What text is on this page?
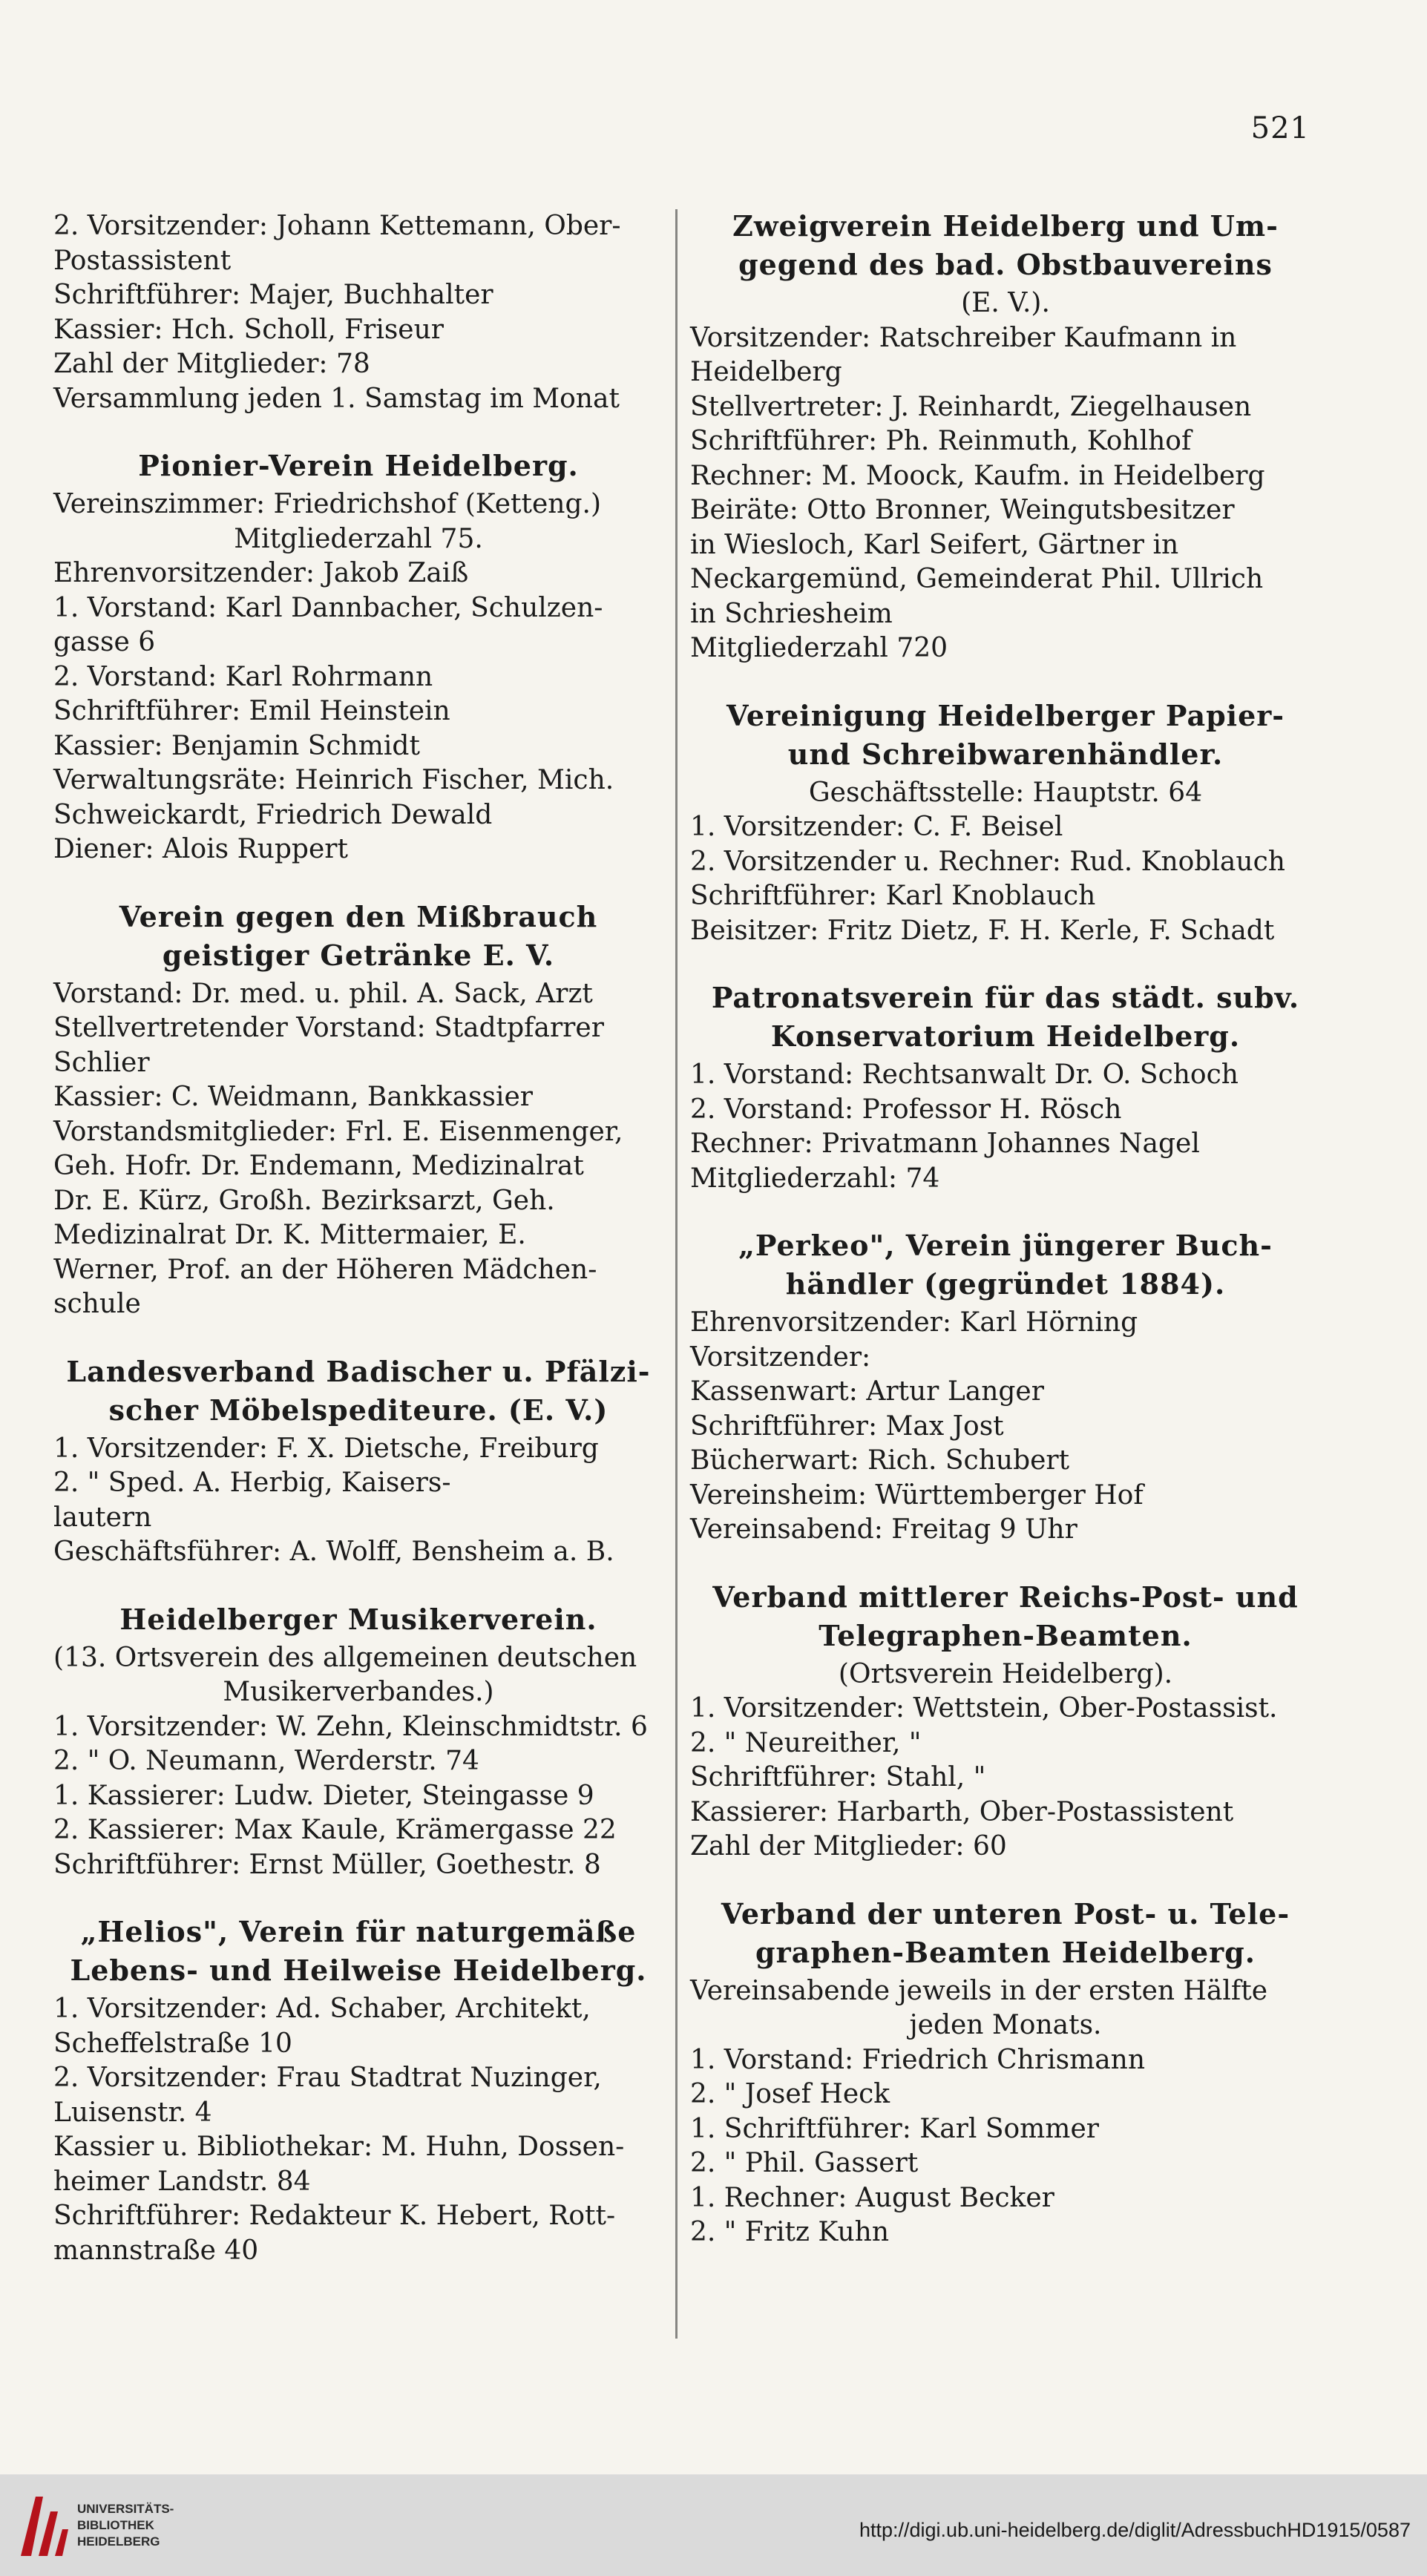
521

2. Vorsitzender: Johann Kettemann, Ober-

Postassistent

Schriftführer: Majer, Buchhalter

Kassier: Hch. Scholl, Friseur

Zahl der Mitglieder: 78

Versammlung jeden 1. Samstag im Monat

Pionier-Verein Heidelberg.

Vereinszimmer: Friedrichshof (Ketteng.)

Mitgliederzahl 75.

Ehrenvorsitzender: Jakob Zaiß

1. Vorstand: Karl Dannbacher, Schulzen-

gasse 6

2. Vorstand: Karl Rohrmann

Schriftführer: Emil Heinstein

Kassier: Benjamin Schmidt

Verwaltungsräte: Heinrich Fischer, Mich.

Schweickardt, Friedrich Dewald

Diener: Alois Ruppert

Verein gegen den Mißbrauch

geistiger Getränke E. V.

Vorstand: Dr. med. u. phil. A. Sack, Arzt

Stellvertretender Vorstand: Stadtpfarrer

Schlier

Kassier: C. Weidmann, Bankkassier

Vorstandsmitglieder: Frl. E. Eisenmenger,

Geh. Hofr. Dr. Endemann, Medizinalrat

Dr. E. Kürz, Großh. Bezirksarzt, Geh.

Medizinalrat Dr. K. Mittermaier, E.

Werner, Prof. an der Höheren Mädchen-

schule

Landesverband Badischer u. Pfälzi-

scher Möbelspediteure. (E. V.)

1. Vorsitzender: F. X. Dietsche, Freiburg

2. " Sped. A. Herbig, Kaisers-

lautern

Geschäftsführer: A. Wolff, Bensheim a. B.

Heidelberger Musikerverein.

(13. Ortsverein des allgemeinen deutschen

Musikerverbandes.)

1. Vorsitzender: W. Zehn, Kleinschmidtstr. 6

2. " O. Neumann, Werderstr. 74

1. Kassierer: Ludw. Dieter, Steingasse 9

2. Kassierer: Max Kaule, Krämergasse 22

Schriftführer: Ernst Müller, Goethestr. 8

„Helios", Verein für naturgemäße

Lebens- und Heilweise Heidelberg.

1. Vorsitzender: Ad. Schaber, Architekt,

Scheffelstraße 10

2. Vorsitzender: Frau Stadtrat Nuzinger,

Luisenstr. 4

Kassier u. Bibliothekar: M. Huhn, Dossen-

heimer Landstr. 84

Schriftführer: Redakteur K. Hebert, Rott-

mannstraße 40

Zweigverein Heidelberg und Um-

gegend des bad. Obstbauvereins

(E. V.).

Vorsitzender: Ratschreiber Kaufmann in

Heidelberg

Stellvertreter: J. Reinhardt, Ziegelhausen

Schriftführer: Ph. Reinmuth, Kohlhof

Rechner: M. Moock, Kaufm. in Heidelberg

Beiräte: Otto Bronner, Weingutsbesitzer

in Wiesloch, Karl Seifert, Gärtner in

Neckargemünd, Gemeinderat Phil. Ullrich

in Schriesheim

Mitgliederzahl 720

Vereinigung Heidelberger Papier-

und Schreibwarenhändler.

Geschäftsstelle: Hauptstr. 64

1. Vorsitzender: C. F. Beisel

2. Vorsitzender u. Rechner: Rud. Knoblauch

Schriftführer: Karl Knoblauch

Beisitzer: Fritz Dietz, F. H. Kerle, F. Schadt

Patronatsverein für das städt. subv.

Konservatorium Heidelberg.

1. Vorstand: Rechtsanwalt Dr. O. Schoch

2. Vorstand: Professor H. Rösch

Rechner: Privatmann Johannes Nagel

Mitgliederzahl: 74

„Perkeo", Verein jüngerer Buch-

händler (gegründet 1884).

Ehrenvorsitzender: Karl Hörning

Vorsitzender:

Kassenwart: Artur Langer

Schriftführer: Max Jost

Bücherwart: Rich. Schubert

Vereinsheim: Württemberger Hof

Vereinsabend: Freitag 9 Uhr

Verband mittlerer Reichs-Post- und

Telegraphen-Beamten.

(Ortsverein Heidelberg).

1. Vorsitzender: Wettstein, Ober-Postassist.

2. " Neureither, "

Schriftführer: Stahl, "

Kassierer: Harbarth, Ober-Postassistent

Zahl der Mitglieder: 60

Verband der unteren Post- u. Tele-

graphen-Beamten Heidelberg.

Vereinsabende jeweils in der ersten Hälfte

jeden Monats.

1. Vorstand: Friedrich Chrismann

2. " Josef Heck

1. Schriftführer: Karl Sommer

2. " Phil. Gassert

1. Rechner: August Becker

2. " Fritz Kuhn

UNIVERSITÄTS-
BIBLIOTHEK
HEIDELBERG

http://digi.ub.uni-heidelberg.de/diglit/AdressbuchHD1915/0587
